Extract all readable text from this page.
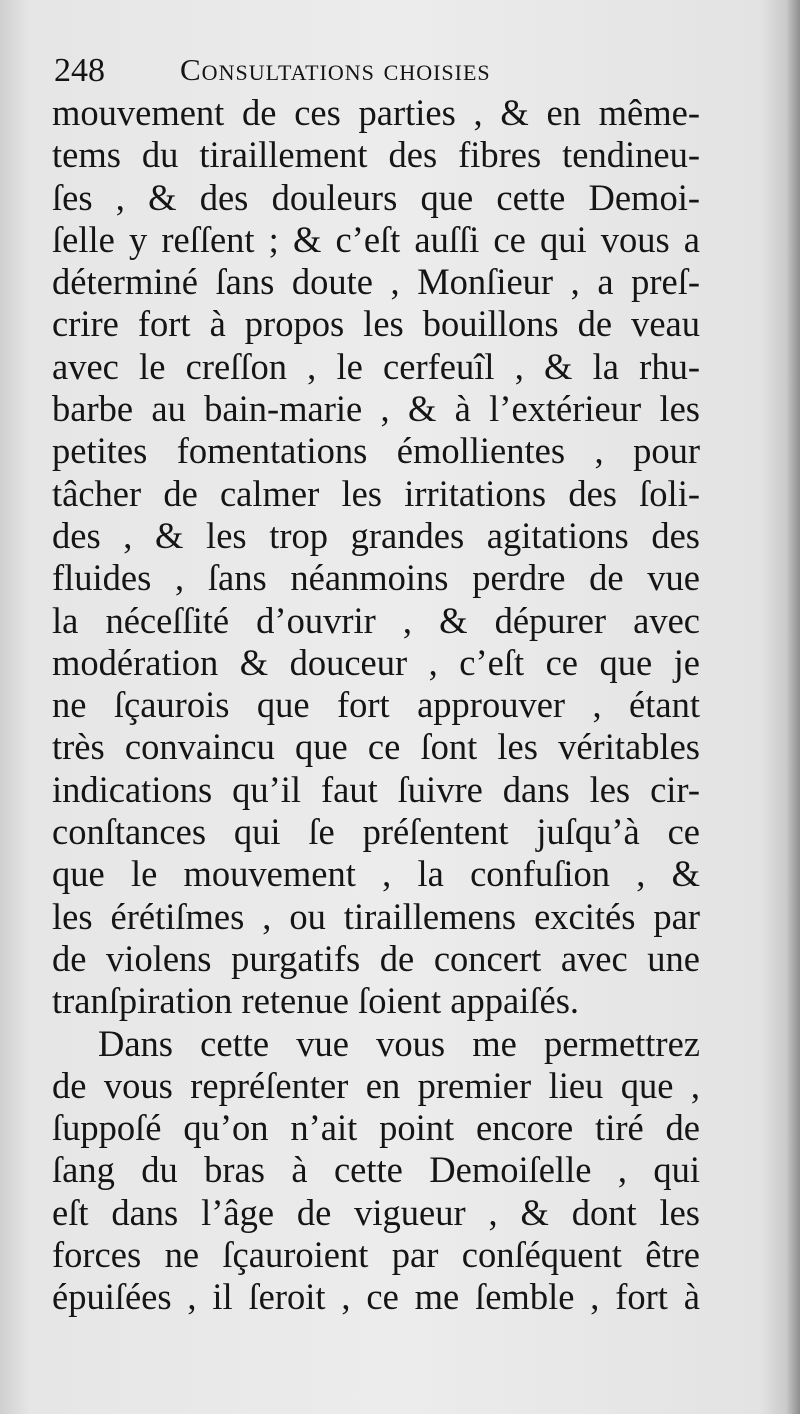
248 Consultations choisies
mouvement de ces parties , & en même-
tems du tiraillement des fibres tendineu-
ſes , & des douleurs que cette Demoi-
ſelle y reſſent ; & c’eſt auſſi ce qui vous a
déterminé ſans doute , Monſieur , a preſ-
crire fort à propos les bouillons de veau
avec le creſſon , le cerfeuîl , & la rhu-
barbe au bain-marie , & à l’extérieur les
petites fomentations émollientes , pour
tâcher de calmer les irritations des ſoli-
des , & les trop grandes agitations des
fluides , ſans néanmoins perdre de vue
la néceſſité d’ouvrir , & dépurer avec
modération & douceur , c’eſt ce que je
ne ſçaurois que fort approuver , étant
très convaincu que ce ſont les véritables
indications qu’il faut ſuivre dans les cir-
conſtances qui ſe préſentent juſqu’à ce
que le mouvement , la confuſion , &
les érétiſmes , ou tiraillemens excités par
de violens purgatifs de concert avec une
tranſpiration retenue ſoient appaiſés.
Dans cette vue vous me permettrez
de vous repréſenter en premier lieu que ,
ſuppoſé qu’on n’ait point encore tiré de
ſang du bras à cette Demoiſelle , qui
eſt dans l’âge de vigueur , & dont les
forces ne ſçauroient par conſéquent être
épuiſées , il ſeroit , ce me ſemble , fort à
